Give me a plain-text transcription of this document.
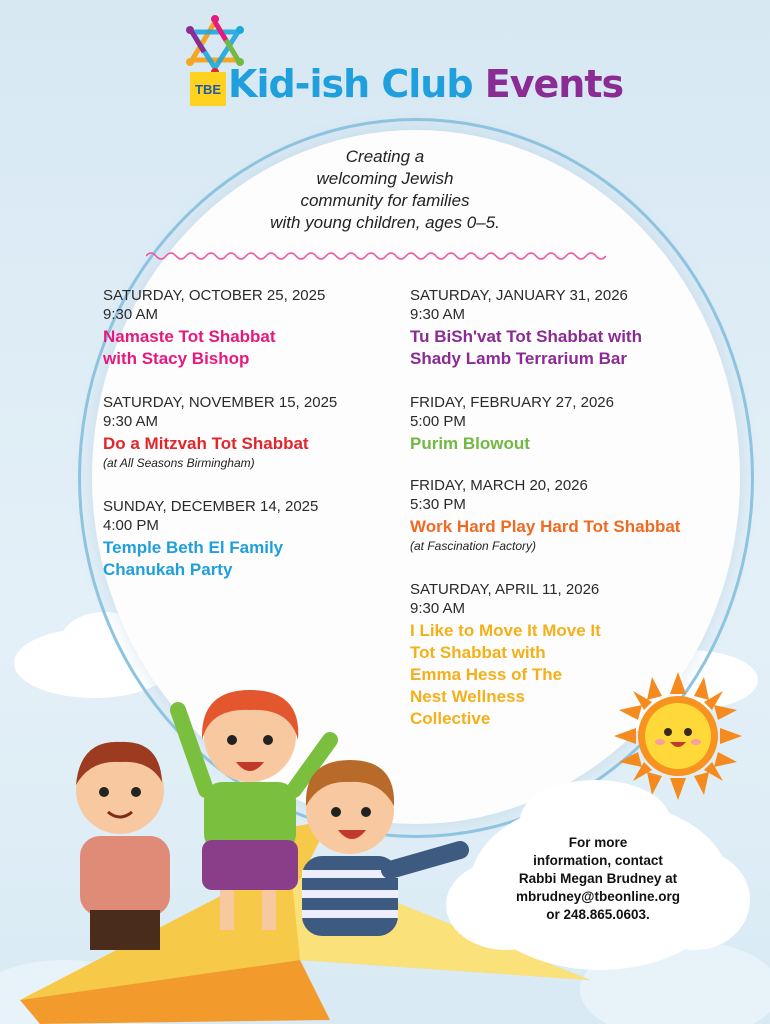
TBE Kid-ish Club Events
Creating a
welcoming Jewish
community for families
with young children, ages 0–5.
SATURDAY, OCTOBER 25, 2025
9:30 AM
Namaste Tot Shabbat
with Stacy Bishop
SATURDAY, NOVEMBER 15, 2025
9:30 AM
Do a Mitzvah Tot Shabbat
(at All Seasons Birmingham)
SUNDAY, DECEMBER 14, 2025
4:00 PM
Temple Beth El Family
Chanukah Party
SATURDAY, JANUARY 31, 2026
9:30 AM
Tu BiSh'vat Tot Shabbat with
Shady Lamb Terrarium Bar
FRIDAY, FEBRUARY 27, 2026
5:00 PM
Purim Blowout
FRIDAY, MARCH 20, 2026
5:30 PM
Work Hard Play Hard Tot Shabbat
(at Fascination Factory)
SATURDAY, APRIL 11, 2026
9:30 AM
I Like to Move It Move It
Tot Shabbat with
Emma Hess of The
Nest Wellness
Collective
For more
information, contact
Rabbi Megan Brudney at
mbrudney@tbeonline.org
or 248.865.0603.
